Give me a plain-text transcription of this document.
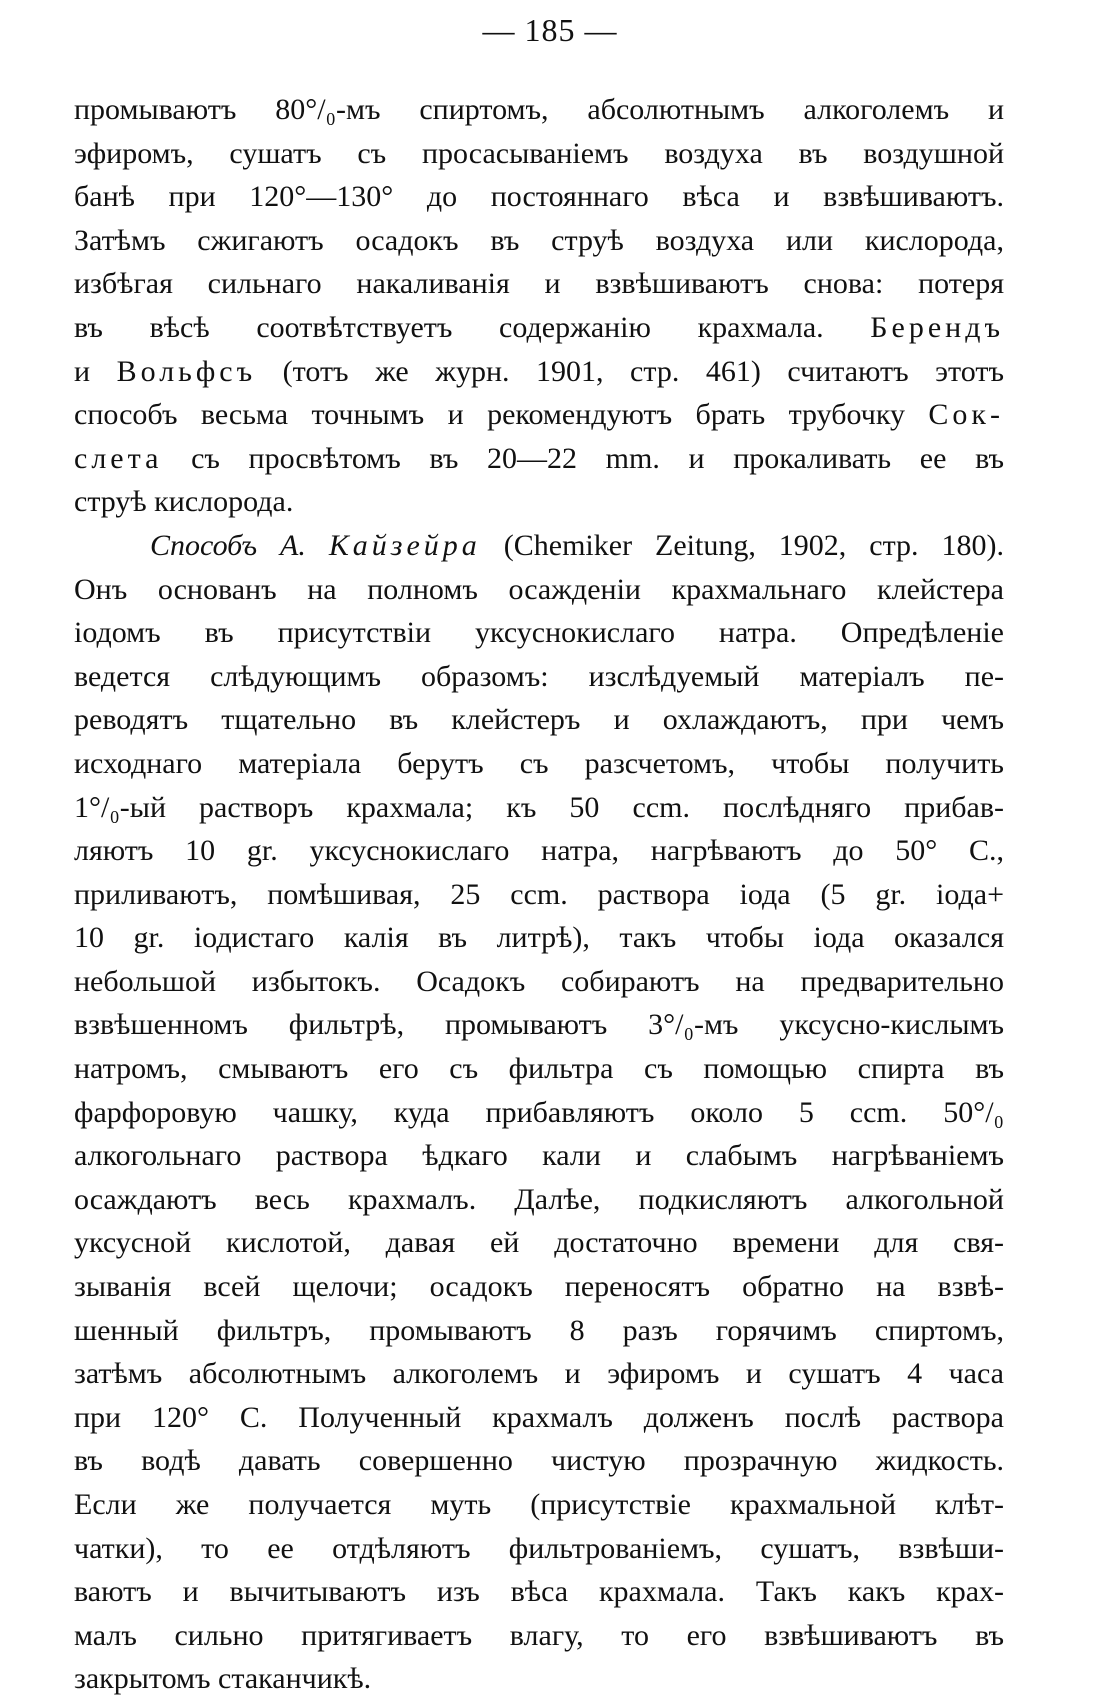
— 185 —
промываютъ 80°/₀-мъ спиртомъ, абсолютнымъ алкоголемъ и
эфиромъ, сушатъ съ просасываніемъ воздуха въ воздушной
банѣ при 120°—130° до постояннаго вѣса и взвѣшиваютъ.
Затѣмъ сжигаютъ осадокъ въ струѣ воздуха или кислорода,
избѣгая сильнаго накаливанія и взвѣшиваютъ снова: потеря
въ вѣсѣ соотвѣтствуетъ содержанію крахмала. Берендъ
и Вольфсъ (тотъ же журн. 1901, стр. 461) считаютъ этотъ
способъ весьма точнымъ и рекомендуютъ брать трубочку Сок-
слета съ просвѣтомъ въ 20—22 mm. и прокаливать ее въ
струѣ кислорода.
Способъ А. Кайзейра (Chemiker Zeitung, 1902, стр. 180).
Онъ основанъ на полномъ осажденіи крахмальнаго клейстера
іодомъ въ присутствіи уксуснокислаго натра. Опредѣленіе
ведется слѣдующимъ образомъ: изслѣдуемый матеріалъ пе-
реводятъ тщательно въ клейстеръ и охлаждаютъ, при чемъ
исходнаго матеріала берутъ съ разсчетомъ, чтобы получить
1°/₀-ый растворъ крахмала; къ 50 ccm. послѣдняго прибав-
ляютъ 10 gr. уксуснокислаго натра, нагрѣваютъ до 50° С.,
приливаютъ, помѣшивая, 25 ccm. раствора іода (5 gr. іода+
10 gr. іодистаго калія въ литрѣ), такъ чтобы іода оказался
небольшой избытокъ. Осадокъ собираютъ на предварительно
взвѣшенномъ фильтрѣ, промываютъ 3°/₀-мъ уксусно-кислымъ
натромъ, смываютъ его съ фильтра съ помощью спирта въ
фарфоровую чашку, куда прибавляютъ около 5 ccm. 50°/₀
алкогольнаго раствора ѣдкаго кали и слабымъ нагрѣваніемъ
осаждаютъ весь крахмалъ. Далѣе, подкисляютъ алкогольной
уксусной кислотой, давая ей достаточно времени для свя-
зыванія всей щелочи; осадокъ переносятъ обратно на взвѣ-
шенный фильтръ, промываютъ 8 разъ горячимъ спиртомъ,
затѣмъ абсолютнымъ алкоголемъ и эфиромъ и сушатъ 4 часа
при 120° С. Полученный крахмалъ долженъ послѣ раствора
въ водѣ давать совершенно чистую прозрачную жидкость.
Если же получается муть (присутствіе крахмальной клѣт-
чатки), то ее отдѣляютъ фильтрованіемъ, сушатъ, взвѣши-
ваютъ и вычитываютъ изъ вѣса крахмала. Такъ какъ крах-
малъ сильно притягиваетъ влагу, то его взвѣшиваютъ въ
закрытомъ стаканчикѣ.
